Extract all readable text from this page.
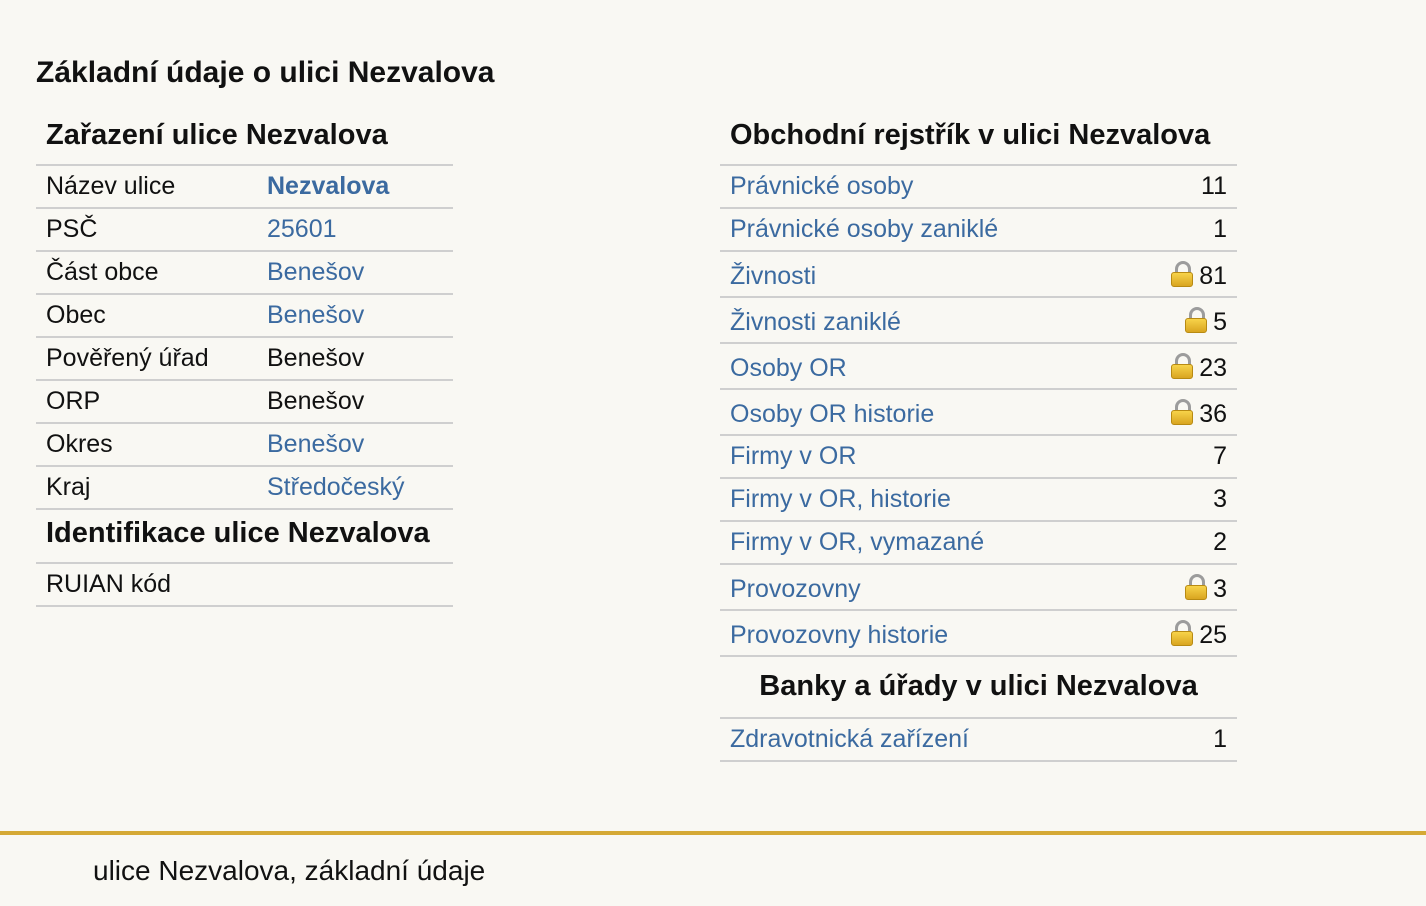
Základní údaje o ulici Nezvalova
Zařazení ulice Nezvalova
Název ulice	Nezvalova
PSČ	25601
Část obce	Benešov
Obec	Benešov
Pověřený úřad	Benešov
ORP	Benešov
Okres	Benešov
Kraj	Středočeský
Identifikace ulice Nezvalova
RUIAN kód
Obchodní rejstřík v ulici Nezvalova
Právnické osoby	11
Právnické osoby zaniklé	1
Živnosti	81
Živnosti zaniklé	5
Osoby OR	23
Osoby OR historie	36
Firmy v OR	7
Firmy v OR, historie	3
Firmy v OR, vymazané	2
Provozovny	3
Provozovny historie	25
Banky a úřady v ulici Nezvalova
Zdravotnická zařízení	1
ulice Nezvalova, základní údaje
